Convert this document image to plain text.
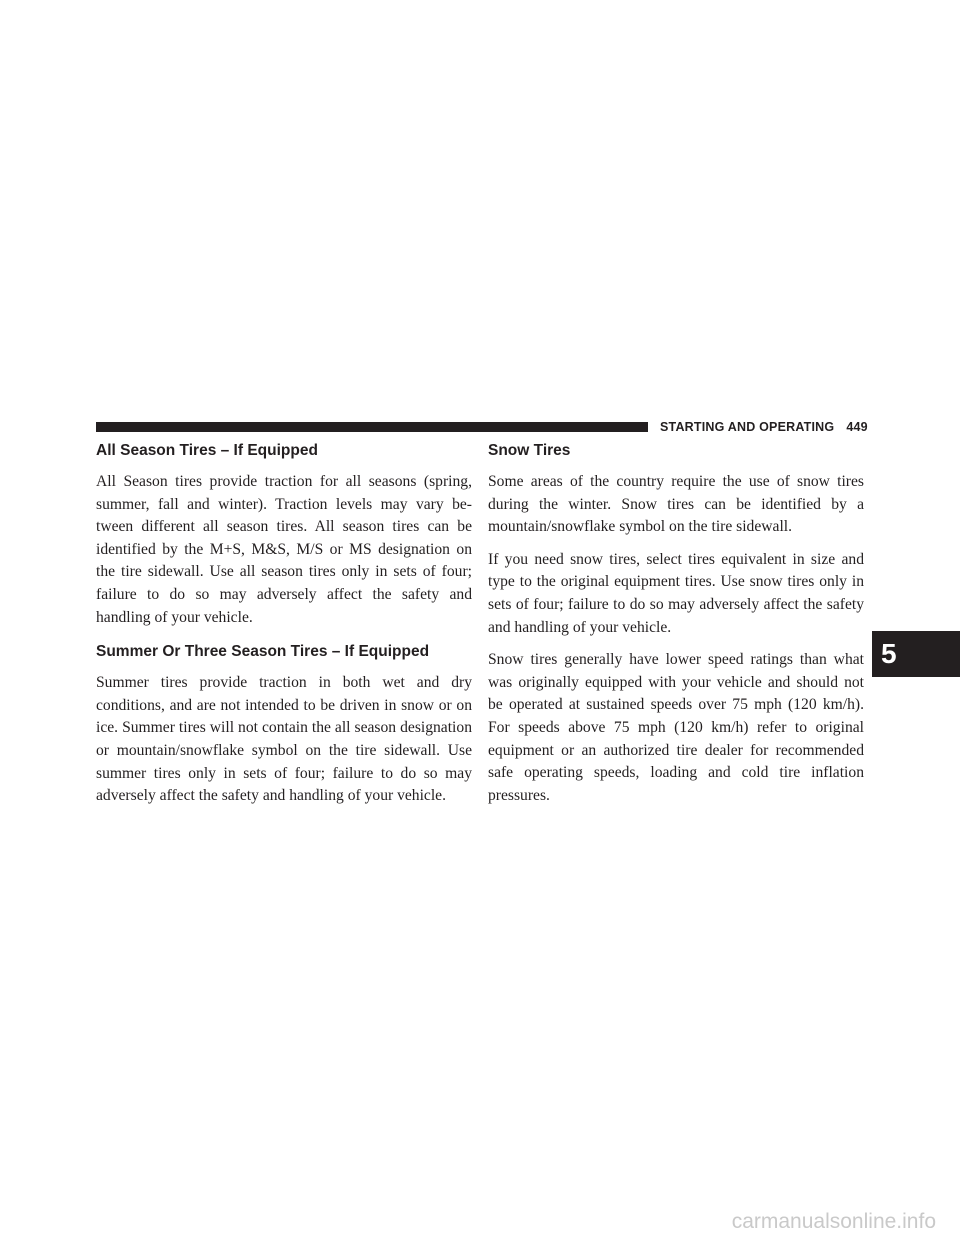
STARTING AND OPERATING 449
All Season Tires – If Equipped

All Season tires provide traction for all seasons (spring, summer, fall and winter). Traction levels may vary be-tween different all season tires. All season tires can be identified by the M+S, M&S, M/S or MS designation on the tire sidewall. Use all season tires only in sets of four; failure to do so may adversely affect the safety and handling of your vehicle.

Summer Or Three Season Tires – If Equipped

Summer tires provide traction in both wet and dry conditions, and are not intended to be driven in snow or on ice. Summer tires will not contain the all season designation or mountain/snowflake symbol on the tire sidewall. Use summer tires only in sets of four; failure to do so may adversely affect the safety and handling of your vehicle.

Snow Tires

Some areas of the country require the use of snow tires during the winter. Snow tires can be identified by a mountain/snowflake symbol on the tire sidewall.

If you need snow tires, select tires equivalent in size and type to the original equipment tires. Use snow tires only in sets of four; failure to do so may adversely affect the safety and handling of your vehicle.

Snow tires generally have lower speed ratings than what was originally equipped with your vehicle and should not be operated at sustained speeds over 75 mph (120 km/h). For speeds above 75 mph (120 km/h) refer to original equipment or an authorized tire dealer for recommended safe operating speeds, loading and cold tire inflation pressures.

5
carmanualsonline.info
